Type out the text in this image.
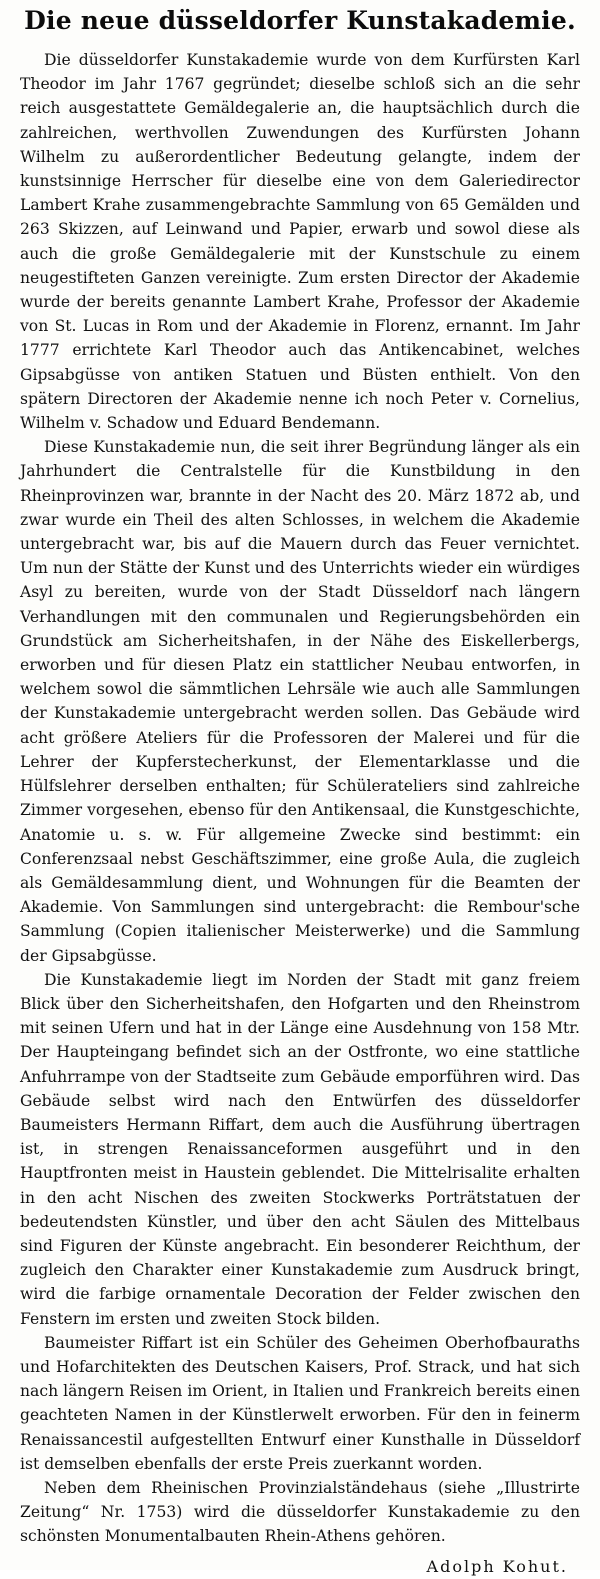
Die neue düsseldorfer Kunstakademie.

Die düsseldorfer Kunstakademie wurde von dem Kurfürsten Karl Theodor im Jahr 1767 gegründet; dieselbe schloß sich an die sehr reich ausgestattete Gemäldegalerie an, die hauptsächlich durch die zahlreichen, werthvollen Zuwendungen des Kurfürsten Johann Wilhelm zu außerordentlicher Bedeutung gelangte, indem der kunstsinnige Herrscher für dieselbe eine von dem Galeriedirector Lambert Krahe zusammengebrachte Sammlung von 65 Gemälden und 263 Skizzen, auf Leinwand und Papier, erwarb und sowol diese als auch die große Gemäldegalerie mit der Kunstschule zu einem neugestifteten Ganzen vereinigte. Zum ersten Director der Akademie wurde der bereits genannte Lambert Krahe, Professor der Akademie von St. Lucas in Rom und der Akademie in Florenz, ernannt. Im Jahr 1777 errichtete Karl Theodor auch das Antikencabinet, welches Gipsabgüsse von antiken Statuen und Büsten enthielt. Von den spätern Directoren der Akademie nenne ich noch Peter v. Cornelius, Wilhelm v. Schadow und Eduard Bendemann.

Diese Kunstakademie nun, die seit ihrer Begründung länger als ein Jahrhundert die Centralstelle für die Kunstbildung in den Rheinprovinzen war, brannte in der Nacht des 20. März 1872 ab, und zwar wurde ein Theil des alten Schlosses, in welchem die Akademie untergebracht war, bis auf die Mauern durch das Feuer vernichtet. Um nun der Stätte der Kunst und des Unterrichts wieder ein würdiges Asyl zu bereiten, wurde von der Stadt Düsseldorf nach längern Verhandlungen mit den communalen und Regierungsbehörden ein Grundstück am Sicherheitshafen, in der Nähe des Eiskellerbergs, erworben und für diesen Platz ein stattlicher Neubau entworfen, in welchem sowol die sämmtlichen Lehrsäle wie auch alle Sammlungen der Kunstakademie untergebracht werden sollen. Das Gebäude wird acht größere Ateliers für die Professoren der Malerei und für die Lehrer der Kupferstecherkunst, der Elementarklasse und die Hülfslehrer derselben enthalten; für Schülerateliers sind zahlreiche Zimmer vorgesehen, ebenso für den Antikensaal, die Kunstgeschichte, Anatomie u. s. w. Für allgemeine Zwecke sind bestimmt: ein Conferenzsaal nebst Geschäftszimmer, eine große Aula, die zugleich als Gemäldesammlung dient, und Wohnungen für die Beamten der Akademie. Von Sammlungen sind untergebracht: die Rembour'sche Sammlung (Copien italienischer Meisterwerke) und die Sammlung der Gipsabgüsse.

Die Kunstakademie liegt im Norden der Stadt mit ganz freiem Blick über den Sicherheitshafen, den Hofgarten und den Rheinstrom mit seinen Ufern und hat in der Länge eine Ausdehnung von 158 Mtr. Der Haupteingang befindet sich an der Ostfronte, wo eine stattliche Anfuhrrampe von der Stadtseite zum Gebäude emporführen wird. Das Gebäude selbst wird nach den Entwürfen des düsseldorfer Baumeisters Hermann Riffart, dem auch die Ausführung übertragen ist, in strengen Renaissanceformen ausgeführt und in den Hauptfronten meist in Haustein geblendet. Die Mittelrisalite erhalten in den acht Nischen des zweiten Stockwerks Porträtstatuen der bedeutendsten Künstler, und über den acht Säulen des Mittelbaus sind Figuren der Künste angebracht. Ein besonderer Reichthum, der zugleich den Charakter einer Kunstakademie zum Ausdruck bringt, wird die farbige ornamentale Decoration der Felder zwischen den Fenstern im ersten und zweiten Stock bilden.

Baumeister Riffart ist ein Schüler des Geheimen Oberhofbauraths und Hofarchitekten des Deutschen Kaisers, Prof. Strack, und hat sich nach längern Reisen im Orient, in Italien und Frankreich bereits einen geachteten Namen in der Künstlerwelt erworben. Für den in feinerm Renaissancestil aufgestellten Entwurf einer Kunsthalle in Düsseldorf ist demselben ebenfalls der erste Preis zuerkannt worden.

Neben dem Rheinischen Provinzialständehaus (siehe „Illustrirte Zeitung“ Nr. 1753) wird die düsseldorfer Kunstakademie zu den schönsten Monumentalbauten Rhein-Athens gehören.

Adolph Kohut.
